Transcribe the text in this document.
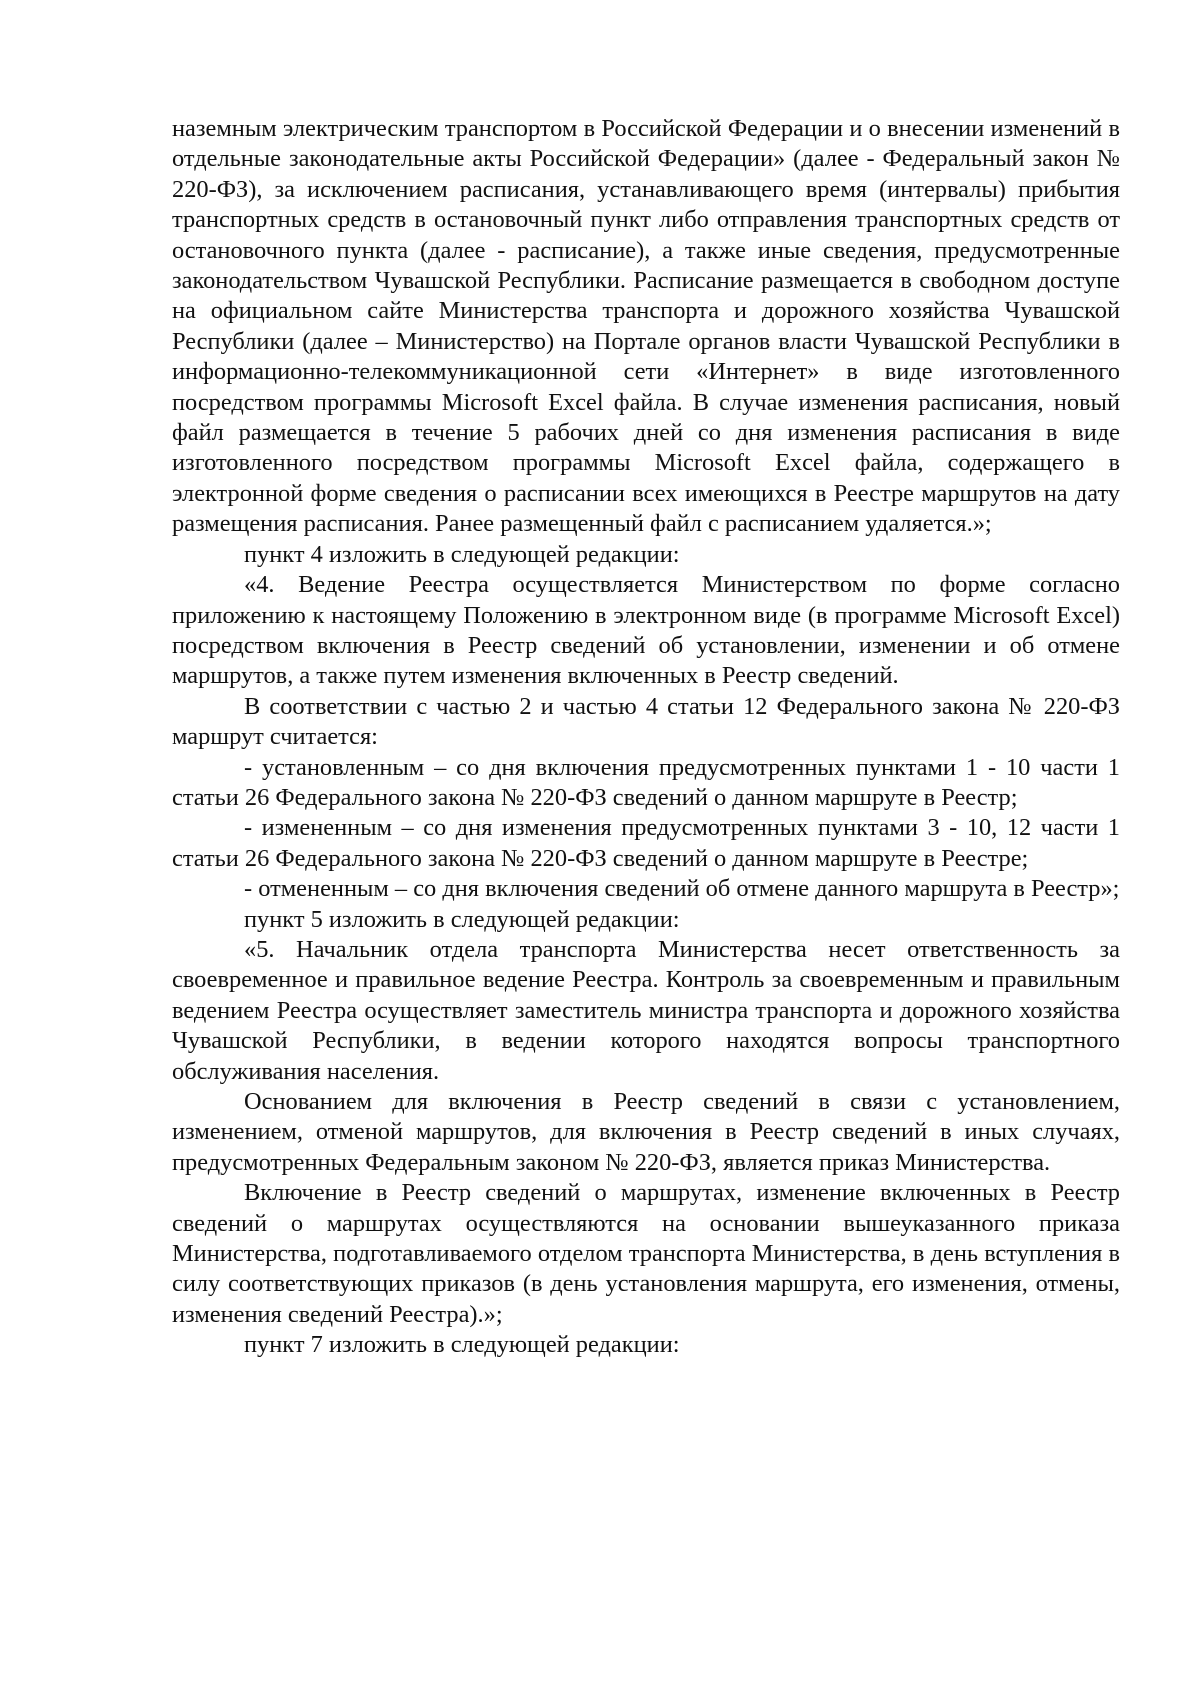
наземным электрическим транспортом в Российской Федерации и о внесении изменений в отдельные законодательные акты Российской Федерации» (далее - Федеральный закон № 220-ФЗ), за исключением расписания, устанавливающего время (интервалы) прибытия транспортных средств в остановочный пункт либо отправления транспортных средств от остановочного пункта (далее - расписание), а также иные сведения, предусмотренные законодательством Чувашской Республики. Расписание размещается в свободном доступе на официальном сайте Министерства транспорта и дорожного хозяйства Чувашской Республики (далее – Министерство) на Портале органов власти Чувашской Республики в информационно-телекоммуникационной сети «Интернет» в виде изготовленного посредством программы Microsoft Excel файла. В случае изменения расписания, новый файл размещается в течение 5 рабочих дней со дня изменения расписания в виде изготовленного посредством программы Microsoft Excel файла, содержащего в электронной форме сведения о расписании всех имеющихся в Реестре маршрутов на дату размещения расписания. Ранее размещенный файл с расписанием удаляется.»;

пункт 4 изложить в следующей редакции:

«4. Ведение Реестра осуществляется Министерством по форме согласно приложению к настоящему Положению в электронном виде (в программе Microsoft Excel) посредством включения в Реестр сведений об установлении, изменении и об отмене маршрутов, а также путем изменения включенных в Реестр сведений.

В соответствии с частью 2 и частью 4 статьи 12 Федерального закона № 220-ФЗ маршрут считается:

- установленным – со дня включения предусмотренных пунктами 1 - 10 части 1 статьи 26 Федерального закона № 220-ФЗ сведений о данном маршруте в Реестр;

- измененным – со дня изменения предусмотренных пунктами 3 - 10, 12 части 1 статьи 26 Федерального закона № 220-ФЗ сведений о данном маршруте в Реестре;

- отмененным – со дня включения сведений об отмене данного маршрута в Реестр»;

пункт 5 изложить в следующей редакции:

«5. Начальник отдела транспорта Министерства несет ответственность за своевременное и правильное ведение Реестра. Контроль за своевременным и правильным ведением Реестра осуществляет заместитель министра транспорта и дорожного хозяйства Чувашской Республики, в ведении которого находятся вопросы транспортного обслуживания населения.

Основанием для включения в Реестр сведений в связи с установлением, изменением, отменой маршрутов, для включения в Реестр сведений в иных случаях, предусмотренных Федеральным законом № 220-ФЗ, является приказ Министерства.

Включение в Реестр сведений о маршрутах, изменение включенных в Реестр сведений о маршрутах осуществляются на основании вышеуказанного приказа Министерства, подготавливаемого отделом транспорта Министерства, в день вступления в силу соответствующих приказов (в день установления маршрута, его изменения, отмены, изменения сведений Реестра).»;

пункт 7 изложить в следующей редакции:
